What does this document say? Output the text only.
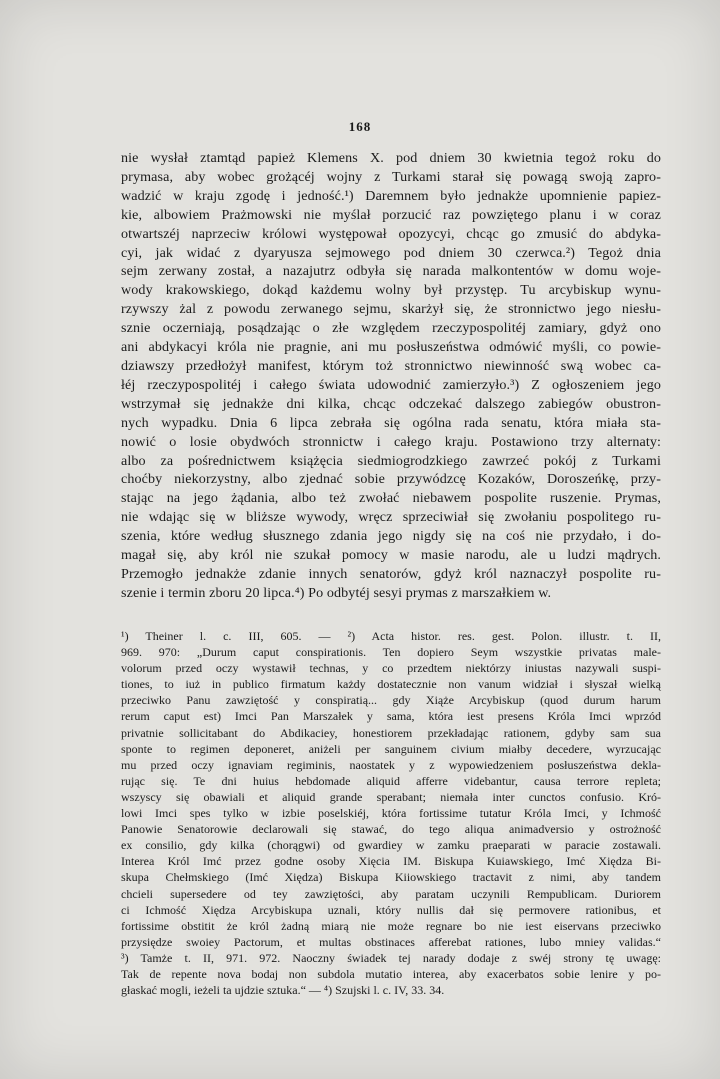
168
nie wysłał ztamtąd papież Klemens X. pod dniem 30 kwietnia tegoż roku do
prymasa, aby wobec grożącéj wojny z Turkami starał się powagą swoją zapro-
wadzić w kraju zgodę i jedność.¹) Daremnem było jednakże upomnienie papiez-
kie, albowiem Prażmowski nie myślał porzucić raz powziętego planu i w coraz
otwartszéj naprzeciw królowi występował opozycyi, chcąc go zmusić do abdyka-
cyi, jak widać z dyaryusza sejmowego pod dniem 30 czerwca.²) Tegoż dnia
sejm zerwany został, a nazajutrz odbyła się narada malkontentów w domu woje-
wody krakowskiego, dokąd każdemu wolny był przystęp. Tu arcybiskup wynu-
rzywszy żal z powodu zerwanego sejmu, skarżył się, że stronnictwo jego niesłu-
sznie oczerniają, posądzając o złe względem rzeczypospolitéj zamiary, gdyż ono
ani abdykacyi króla nie pragnie, ani mu posłuszeństwa odmówić myśli, co powie-
dziawszy przedłożył manifest, którym toż stronnictwo niewinność swą wobec ca-
łéj rzeczypospolitéj i całego świata udowodnić zamierzyło.³) Z ogłoszeniem jego
wstrzymał się jednakże dni kilka, chcąc odczekać dalszego zabiegów obustron-
nych wypadku. Dnia 6 lipca zebrała się ogólna rada senatu, która miała sta-
nowić o losie obydwóch stronnictw i całego kraju. Postawiono trzy alternaty:
albo za pośrednictwem książęcia siedmiogrodzkiego zawrzeć pokój z Turkami
choćby niekorzystny, albo zjednać sobie przywódzcę Kozaków, Doroszeńkę, przy-
stając na jego żądania, albo też zwołać niebawem pospolite ruszenie. Prymas,
nie wdając się w bliższe wywody, wręcz sprzeciwiał się zwołaniu pospolitego ru-
szenia, które według słusznego zdania jego nigdy się na coś nie przydało, i do-
magał się, aby król nie szukał pomocy w masie narodu, ale u ludzi mądrych.
Przemogło jednakże zdanie innych senatorów, gdyż król naznaczył pospolite ru-
szenie i termin zboru 20 lipca.⁴) Po odbytéj sesyi prymas z marszałkiem w.
¹) Theiner l. c. III, 605. — ²) Acta histor. res. gest. Polon. illustr. t. II,
969. 970: „Durum caput conspirationis. Ten dopiero Seym wszystkie privatas male-
volorum przed oczy wystawił technas, y co przedtem niektórzy iniustas nazywali suspi-
tiones, to iuż in publico firmatum każdy dostatecznie non vanum widział i słyszał wielką
przeciwko Panu zawziętość y conspiratią... gdy Xiąże Arcybiskup (quod durum harum
rerum caput est) Imci Pan Marszałek y sama, która iest presens Króla Imci wprzód
privatnie sollicitabant do Abdikaciey, honestiorem przekładając rationem, gdyby sam sua
sponte to regimen deponeret, aniżeli per sanguinem civium miałby decedere, wyrzucając
mu przed oczy ignaviam regiminis, naostatek y z wypowiedzeniem posłuszeństwa dekla-
rując się. Te dni huius hebdomade aliquid afferre videbantur, causa terrore repleta;
wszyscy się obawiali et aliquid grande sperabant; niemała inter cunctos confusio. Kró-
lowi Imci spes tylko w izbie poselskiéj, która fortissime tutatur Króla Imci, y Ichmość
Panowie Senatorowie declarowali się stawać, do tego aliqua animadversio y ostrożność
ex consilio, gdy kilka (chorągwi) od gwardiey w zamku praeparati w paracie zostawali.
Interea Król Imć przez godne osoby Xięcia IM. Biskupa Kuiawskiego, Imć Xiędza Bi-
skupa Chełmskiego (Imć Xiędza) Biskupa Kiiowskiego tractavit z nimi, aby tandem
chcieli supersedere od tey zawziętości, aby paratam uczynili Rempublicam. Duriorem
ci Ichmość Xiędza Arcybiskupa uznali, który nullis dał się permovere rationibus, et
fortissime obstitit że król żadną miarą nie może regnare bo nie iest eiservans przeciwko
przysiędze swoiey Pactorum, et multas obstinaces afferebat rationes, lubo mniey validas.“
³) Tamże t. II, 971. 972. Naoczny świadek tej narady dodaje z swéj strony tę uwagę:
Tak de repente nova bodaj non subdola mutatio interea, aby exacerbatos sobie lenire y po-
głaskać mogli, ieżeli ta ujdzie sztuka.“ — ⁴) Szujski l. c. IV, 33. 34.
